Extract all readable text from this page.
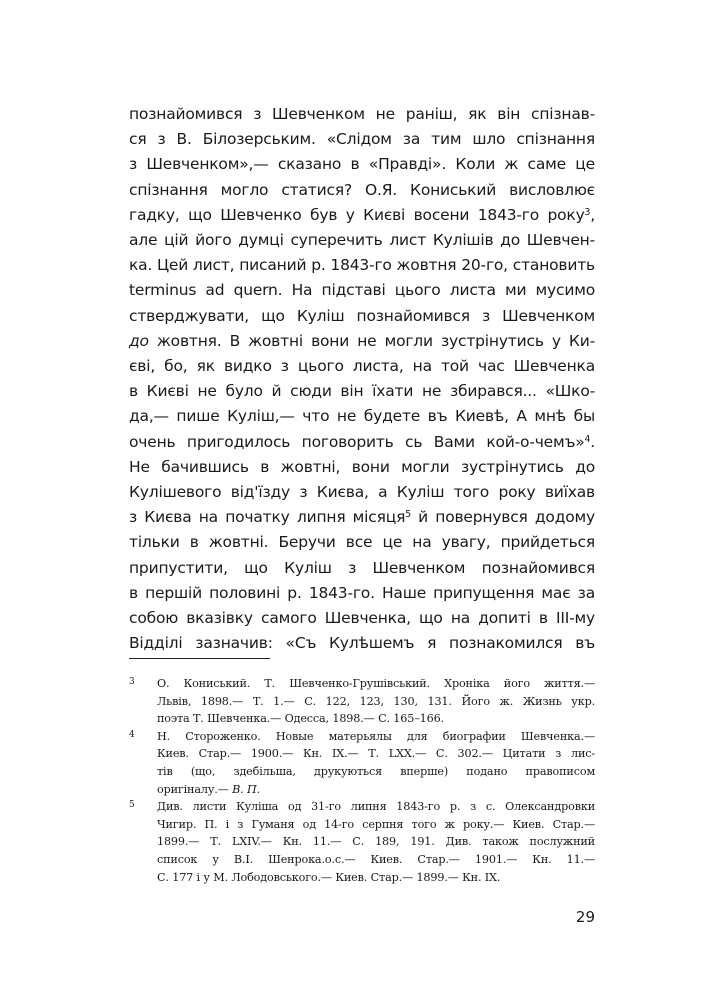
познайомився з Шевченком не раніш, як він спізнав-
ся з В. Білозерським. «Слідом за тим шло спізнання
з Шевченком»,— сказано в «Правді». Коли ж саме це
спізнання могло статися? О.Я. Кониський висловлює
гадку, що Шевченко був у Києві восени 1843-го року$^3$,
але цій його думці суперечить лист Кулішів до Шевчен-
ка. Цей лист, писаний р. 1843-го жовтня 20-го, становить
terminus ad quern. На підставі цього листа ми мусимо
стверджувати, що Куліш познайомився з Шевченком
до жовтня. В жовтні вони не могли зустрінутись у Ки-
єві, бо, як видко з цього листа, на той час Шевченка
в Києві не було й сюди він їхати не збирався... «Шко-
да,— пише Куліш,— что не будете въ Киевѣ, А мнѣ бы
очень пригодилось поговорить сь Вами кой-о-чемъ»$^4$.
Не бачившись в жовтні, вони могли зустрінутись до
Кулішевого від'їзду з Києва, а Куліш того року виїхав
з Києва на початку липня місяця$^5$ й повернувся додому
тільки в жовтні. Беручи все це на увагу, прийдеться
припустити, що Куліш з Шевченком познайомився
в першій половині р. 1843-го. Наше припущення має за
собою вказівку самого Шевченка, що на допиті в ІІІ-му
Відділі зазначив: «Съ Кулѣшемъ я познакомился въ
3 О. Кониський. Т. Шевченко-Грушівський. Хроніка його життя.—
Львів, 1898.— Т. 1.— С. 122, 123, 130, 131. Його ж. Жизнь укр.
поэта Т. Шевченка.— Одесса, 1898.— С. 165–166.
4 Н. Стороженко. Новые матерьялы для биографии Шевченка.—
Киев. Стар.— 1900.— Кн. IX.— Т. LXX.— С. 302.— Цитати з лис-
тів (що, здебільша, друкуються вперше) подано правописом
оригіналу.— В. П.
5 Див. листи Куліша од 31-го липня 1843-го р. з с. Олександровки
Чигир. П. і з Гуманя од 14-го серпня того ж року.— Киев. Стар.—
1899.— Т. LXIV.— Кн. 11.— С. 189, 191. Див. також послужний
список у В.І. Шенрока.о.с.— Киев. Стар.— 1901.— Кн. 11.—
С. 177 і у М. Лободовського.— Киев. Стар.— 1899.— Кн. IX.
29
